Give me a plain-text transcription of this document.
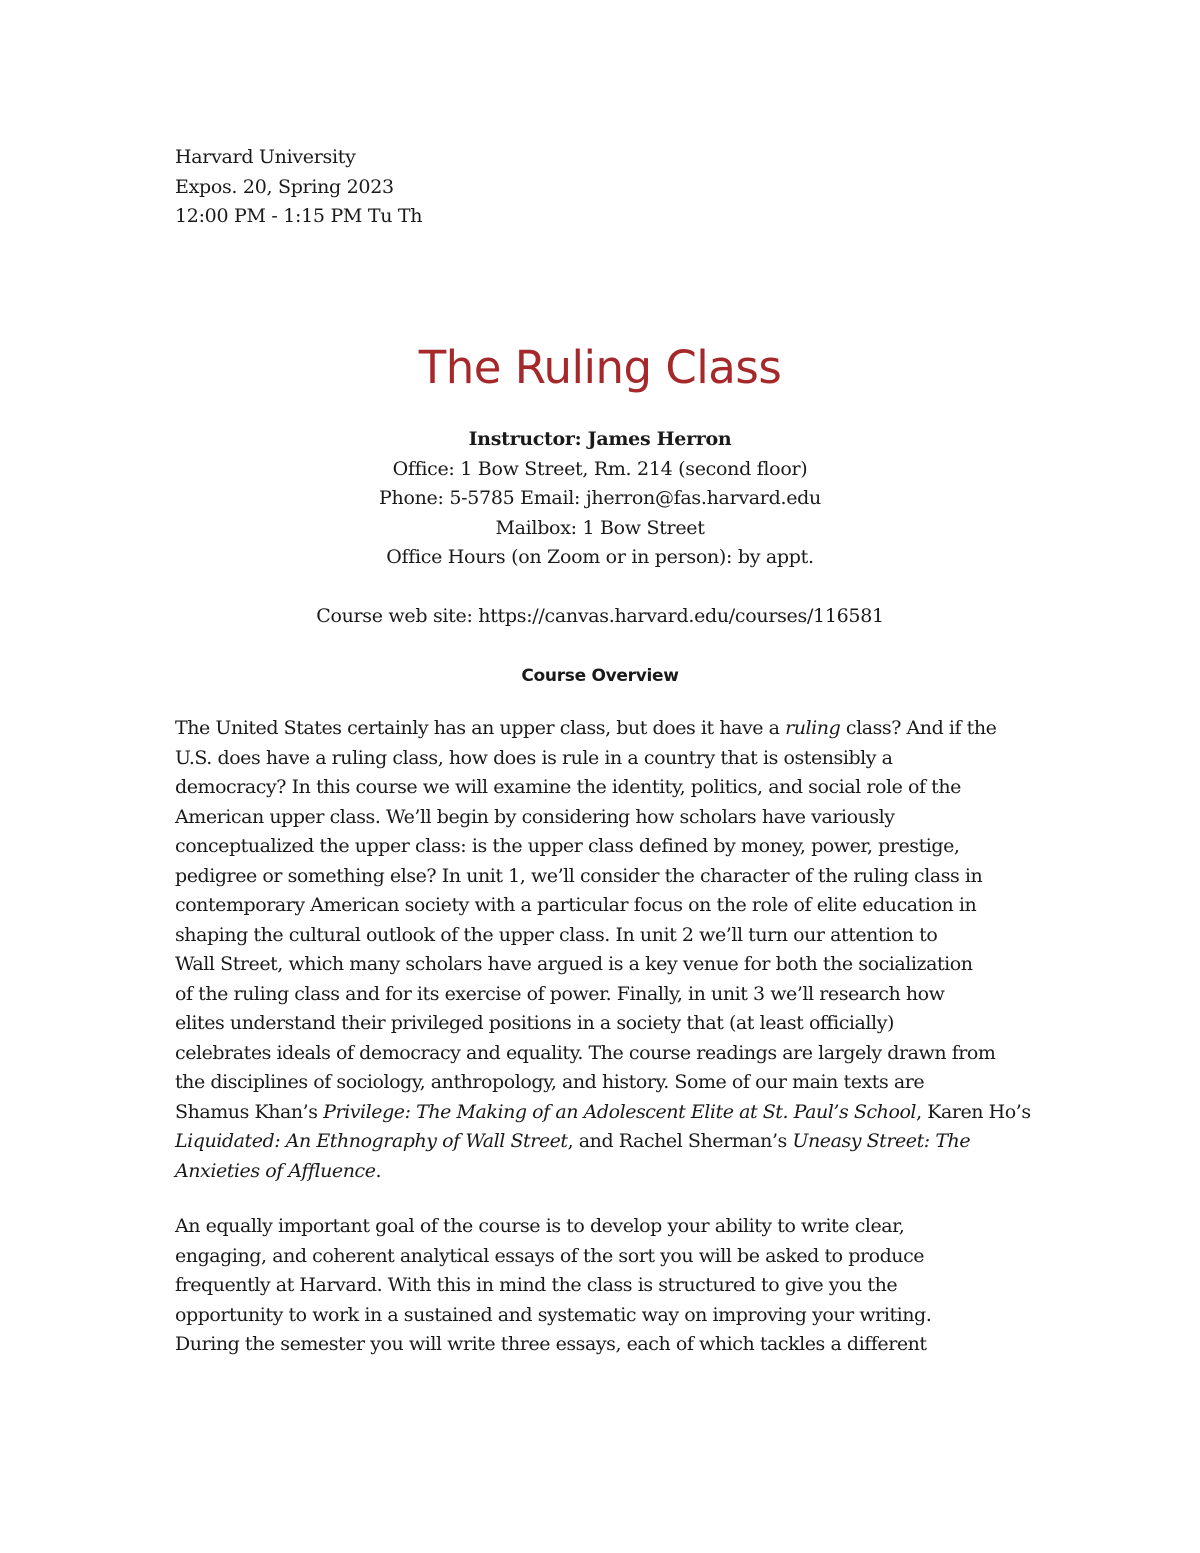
Harvard University
Expos. 20, Spring 2023
12:00 PM - 1:15 PM Tu Th
The Ruling Class
Instructor: James Herron
Office: 1 Bow Street, Rm. 214 (second floor)
Phone: 5-5785 Email: jherron@fas.harvard.edu
Mailbox: 1 Bow Street
Office Hours (on Zoom or in person): by appt.
Course web site: https://canvas.harvard.edu/courses/116581
Course Overview
The United States certainly has an upper class, but does it have a ruling class? And if the
U.S. does have a ruling class, how does is rule in a country that is ostensibly a
democracy? In this course we will examine the identity, politics, and social role of the
American upper class. We’ll begin by considering how scholars have variously
conceptualized the upper class: is the upper class defined by money, power, prestige,
pedigree or something else? In unit 1, we’ll consider the character of the ruling class in
contemporary American society with a particular focus on the role of elite education in
shaping the cultural outlook of the upper class. In unit 2 we’ll turn our attention to
Wall Street, which many scholars have argued is a key venue for both the socialization
of the ruling class and for its exercise of power. Finally, in unit 3 we’ll research how
elites understand their privileged positions in a society that (at least officially)
celebrates ideals of democracy and equality. The course readings are largely drawn from
the disciplines of sociology, anthropology, and history. Some of our main texts are
Shamus Khan’s Privilege: The Making of an Adolescent Elite at St. Paul’s School, Karen Ho’s
Liquidated: An Ethnography of Wall Street, and Rachel Sherman’s Uneasy Street: The
Anxieties of Affluence.
An equally important goal of the course is to develop your ability to write clear,
engaging, and coherent analytical essays of the sort you will be asked to produce
frequently at Harvard. With this in mind the class is structured to give you the
opportunity to work in a sustained and systematic way on improving your writing.
During the semester you will write three essays, each of which tackles a different
